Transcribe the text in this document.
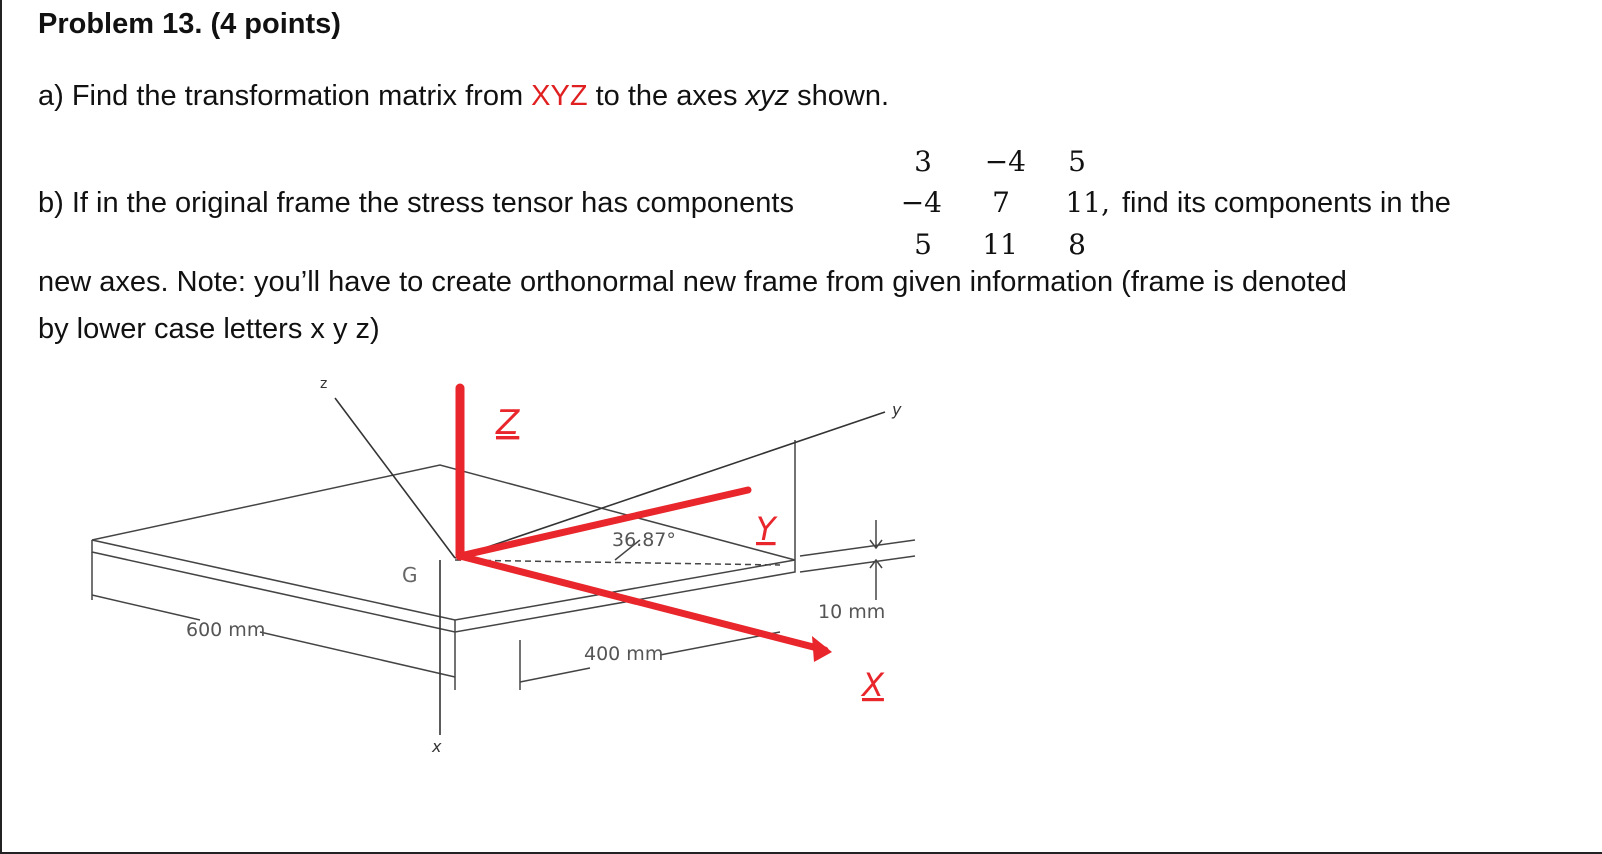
Problem 13. (4 points)
a) Find the transformation matrix from XYZ to the axes xyz shown.
b) If in the original frame the stress tensor has components
3	−4	5
−4	7	11,
5	11	8
find its components in the
new axes. Note: you’ll have to create orthonormal new frame from given information (frame is denoted
by lower case letters x y z)
z
y
x
G
36.87°
10 mm
600 mm
400 mm
Z
Y
X
